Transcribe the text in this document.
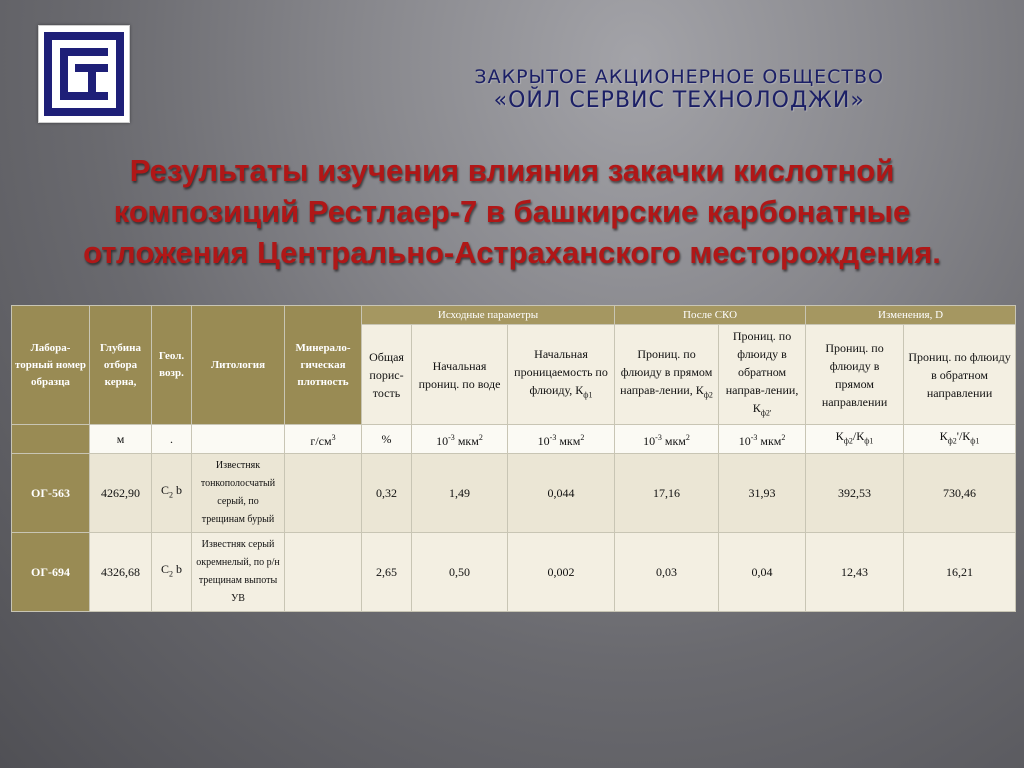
ЗАКРЫТОЕ АКЦИОНЕРНОЕ ОБЩЕСТВО
«ОЙЛ СЕРВИС ТЕХНОЛОДЖИ»
Результаты изучения влияния закачки кислотной
композиций Рестлаер-7 в башкирские карбонатные
отложения Центрально-Астраханского месторождения.
Лабора-торный номер образца	Глубина отбора керна,	Геол. возр.	Литология	Минерало-гическая плотность	Исходные параметры			После СКО		Изменения, D	
					Общая порис-тость	Начальная прониц. по воде	Начальная проницаемость по флюиду, $К_{ф1}$	Прониц. по флюиду в прямом направ-лении, $К_{ф2}$	Прониц. по флюиду в обратном направ-лении, $К_{ф2'}$	Прониц. по флюиду в прямом направлении	Прониц. по флюиду в обратном направлении
	м	.		$г/см^3$	%	$10^{-3}$ мкм$^2$	$10^{-3}$ мкм$^2$	$10^{-3}$ мкм$^2$	$10^{-3}$ мкм$^2$	$К_{ф2}/К_{ф1}$	$К_{ф2}'/К_{ф1}$
ОГ-563	4262,90	$С_2$ b	Известняк тонкополосчатый серый, по трещинам бурый		0,32	1,49	0,044	17,16	31,93	392,53	730,46
ОГ-694	4326,68	$С_2$ b	Известняк серый окремнелый, по р/н трещинам выпоты УВ		2,65	0,50	0,002	0,03	0,04	12,43	16,21
